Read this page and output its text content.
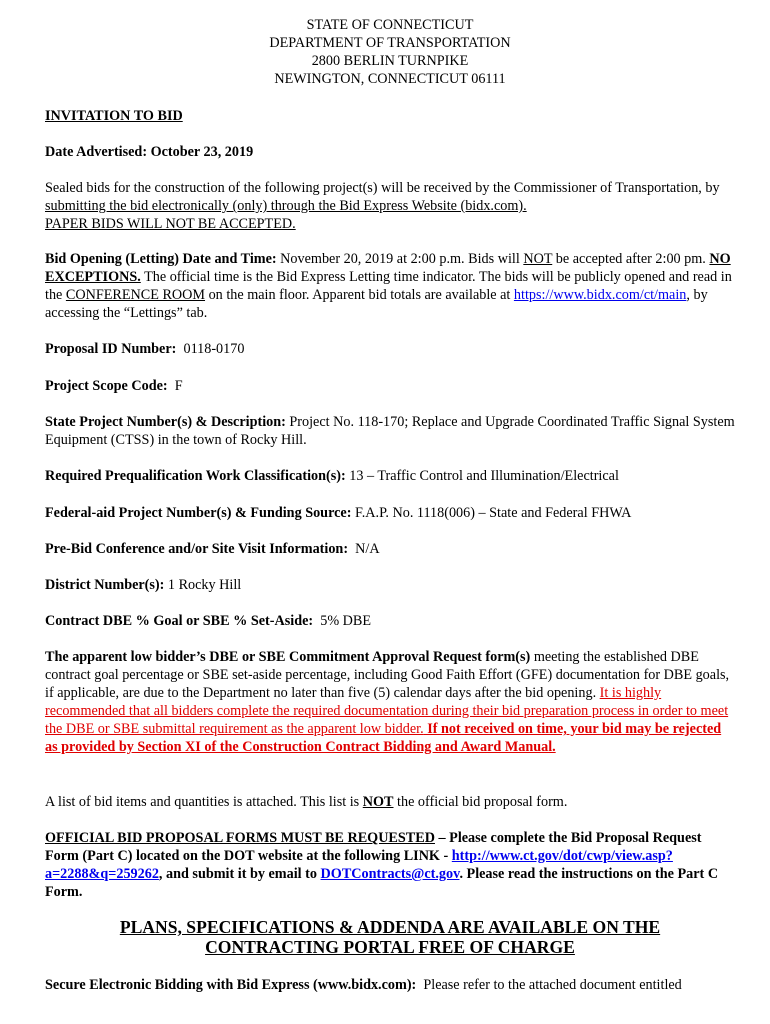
STATE OF CONNECTICUT
DEPARTMENT OF TRANSPORTATION
2800 BERLIN TURNPIKE
NEWINGTON, CONNECTICUT 06111
INVITATION TO BID
Date Advertised: October 23, 2019

Sealed bids for the construction of the following project(s) will be received by the Commissioner of Transportation, by submitting the bid electronically (only) through the Bid Express Website (bidx.com).
PAPER BIDS WILL NOT BE ACCEPTED.

Bid Opening (Letting) Date and Time: November 20, 2019 at 2:00 p.m. Bids will NOT be accepted after 2:00 pm. NO EXCEPTIONS. The official time is the Bid Express Letting time indicator. The bids will be publicly opened and read in the CONFERENCE ROOM on the main floor. Apparent bid totals are available at https://www.bidx.com/ct/main, by accessing the “Lettings” tab.

Proposal ID Number:  0118-0170

Project Scope Code:  F

State Project Number(s) & Description: Project No. 118-170; Replace and Upgrade Coordinated Traffic Signal System Equipment (CTSS) in the town of Rocky Hill.

Required Prequalification Work Classification(s): 13 – Traffic Control and Illumination/Electrical

Federal-aid Project Number(s) & Funding Source: F.A.P. No. 1118(006) – State and Federal FHWA

Pre-Bid Conference and/or Site Visit Information:  N/A

District Number(s): 1 Rocky Hill

Contract DBE % Goal or SBE % Set-Aside:  5% DBE

The apparent low bidder’s DBE or SBE Commitment Approval Request form(s) meeting the established DBE contract goal percentage or SBE set-aside percentage, including Good Faith Effort (GFE) documentation for DBE goals, if applicable, are due to the Department no later than five (5) calendar days after the bid opening. It is highly recommended that all bidders complete the required documentation during their bid preparation process in order to meet the DBE or SBE submittal requirement as the apparent low bidder. If not received on time, your bid may be rejected as provided by Section XI of the Construction Contract Bidding and Award Manual.

A list of bid items and quantities is attached. This list is NOT the official bid proposal form.

OFFICIAL BID PROPOSAL FORMS MUST BE REQUESTED – Please complete the Bid Proposal Request Form (Part C) located on the DOT website at the following LINK - http://www.ct.gov/dot/cwp/view.asp?a=2288&q=259262, and submit it by email to DOTContracts@ct.gov. Please read the instructions on the Part C Form.

PLANS, SPECIFICATIONS & ADDENDA ARE AVAILABLE ON THE
CONTRACTING PORTAL FREE OF CHARGE

Secure Electronic Bidding with Bid Express (www.bidx.com):  Please refer to the attached document entitled
